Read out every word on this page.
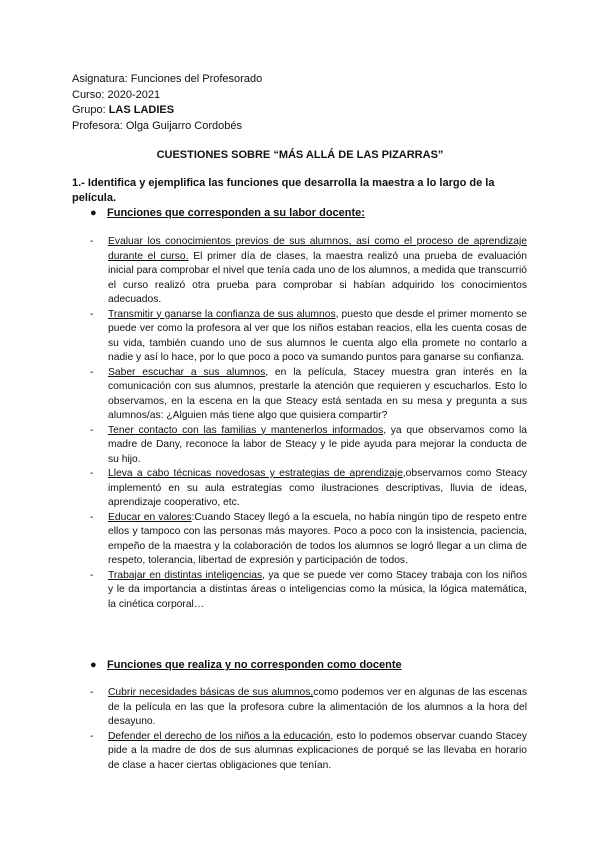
Asignatura: Funciones del Profesorado
Curso: 2020-2021
Grupo: LAS LADIES
Profesora: Olga Guijarro Cordobés
CUESTIONES SOBRE “MÁS ALLÁ DE LAS PIZARRAS”
1.- Identifica y ejemplifica las funciones que desarrolla la maestra a lo largo de la película.
● Funciones que corresponden a su labor docente:

- Evaluar los conocimientos previos de sus alumnos, así como el proceso de aprendizaje durante el curso. El primer día de clases, la maestra realizó una prueba de evaluación inicial para comprobar el nivel que tenía cada uno de los alumnos, a medida que transcurrió el curso realizó otra prueba para comprobar si habían adquirido los conocimientos adecuados.

- Transmitir y ganarse la confianza de sus alumnos, puesto que desde el primer momento se puede ver como la profesora al ver que los niños estaban reacios, ella les cuenta cosas de su vida, también cuando uno de sus alumnos le cuenta algo ella promete no contarlo a nadie y así lo hace, por lo que poco a poco va sumando puntos para ganarse su confianza.

- Saber escuchar a sus alumnos, en la película, Stacey muestra gran interés en la comunicación con sus alumnos, prestarle la atención que requieren y escucharlos. Esto lo observamos, en la escena en la que Steacy está sentada en su mesa y pregunta a sus alumnos/as: ¿Alguien más tiene algo que quisiera compartir?

- Tener contacto con las familias y mantenerlos informados, ya que observamos como la madre de Dany, reconoce la labor de Steacy y le pide ayuda para mejorar la conducta de su hijo.

- Lleva a cabo técnicas novedosas y estrategias de aprendizaje,observamos como Steacy implementó en su aula estrategias como ilustraciones descriptivas, lluvia de ideas, aprendizaje cooperativo, etc.

- Educar en valores:Cuando Stacey llegó a la escuela, no había ningún tipo de respeto entre ellos y tampoco con las personas más mayores. Poco a poco con la insistencia, paciencia, empeño de la maestra y la colaboración de todos los alumnos se logró llegar a un clima de respeto, tolerancia, libertad de expresión y participación de todos.

- Trabajar en distintas inteligencias, ya que se puede ver como Stacey trabaja con los niños y le da importancia a distintas áreas o inteligencias como la música, la lógica matemática, la cinética corporal…

● Funciones que realiza y no corresponden como docente

- Cubrir necesidades básicas de sus alumnos,como podemos ver en algunas de las escenas de la película en las que la profesora cubre la alimentación de los alumnos a la hora del desayuno.

- Defender el derecho de los niños a la educación, esto lo podemos observar cuando Stacey pide a la madre de dos de sus alumnas explicaciones de porqué se las llevaba en horario de clase a hacer ciertas obligaciones que tenían.
